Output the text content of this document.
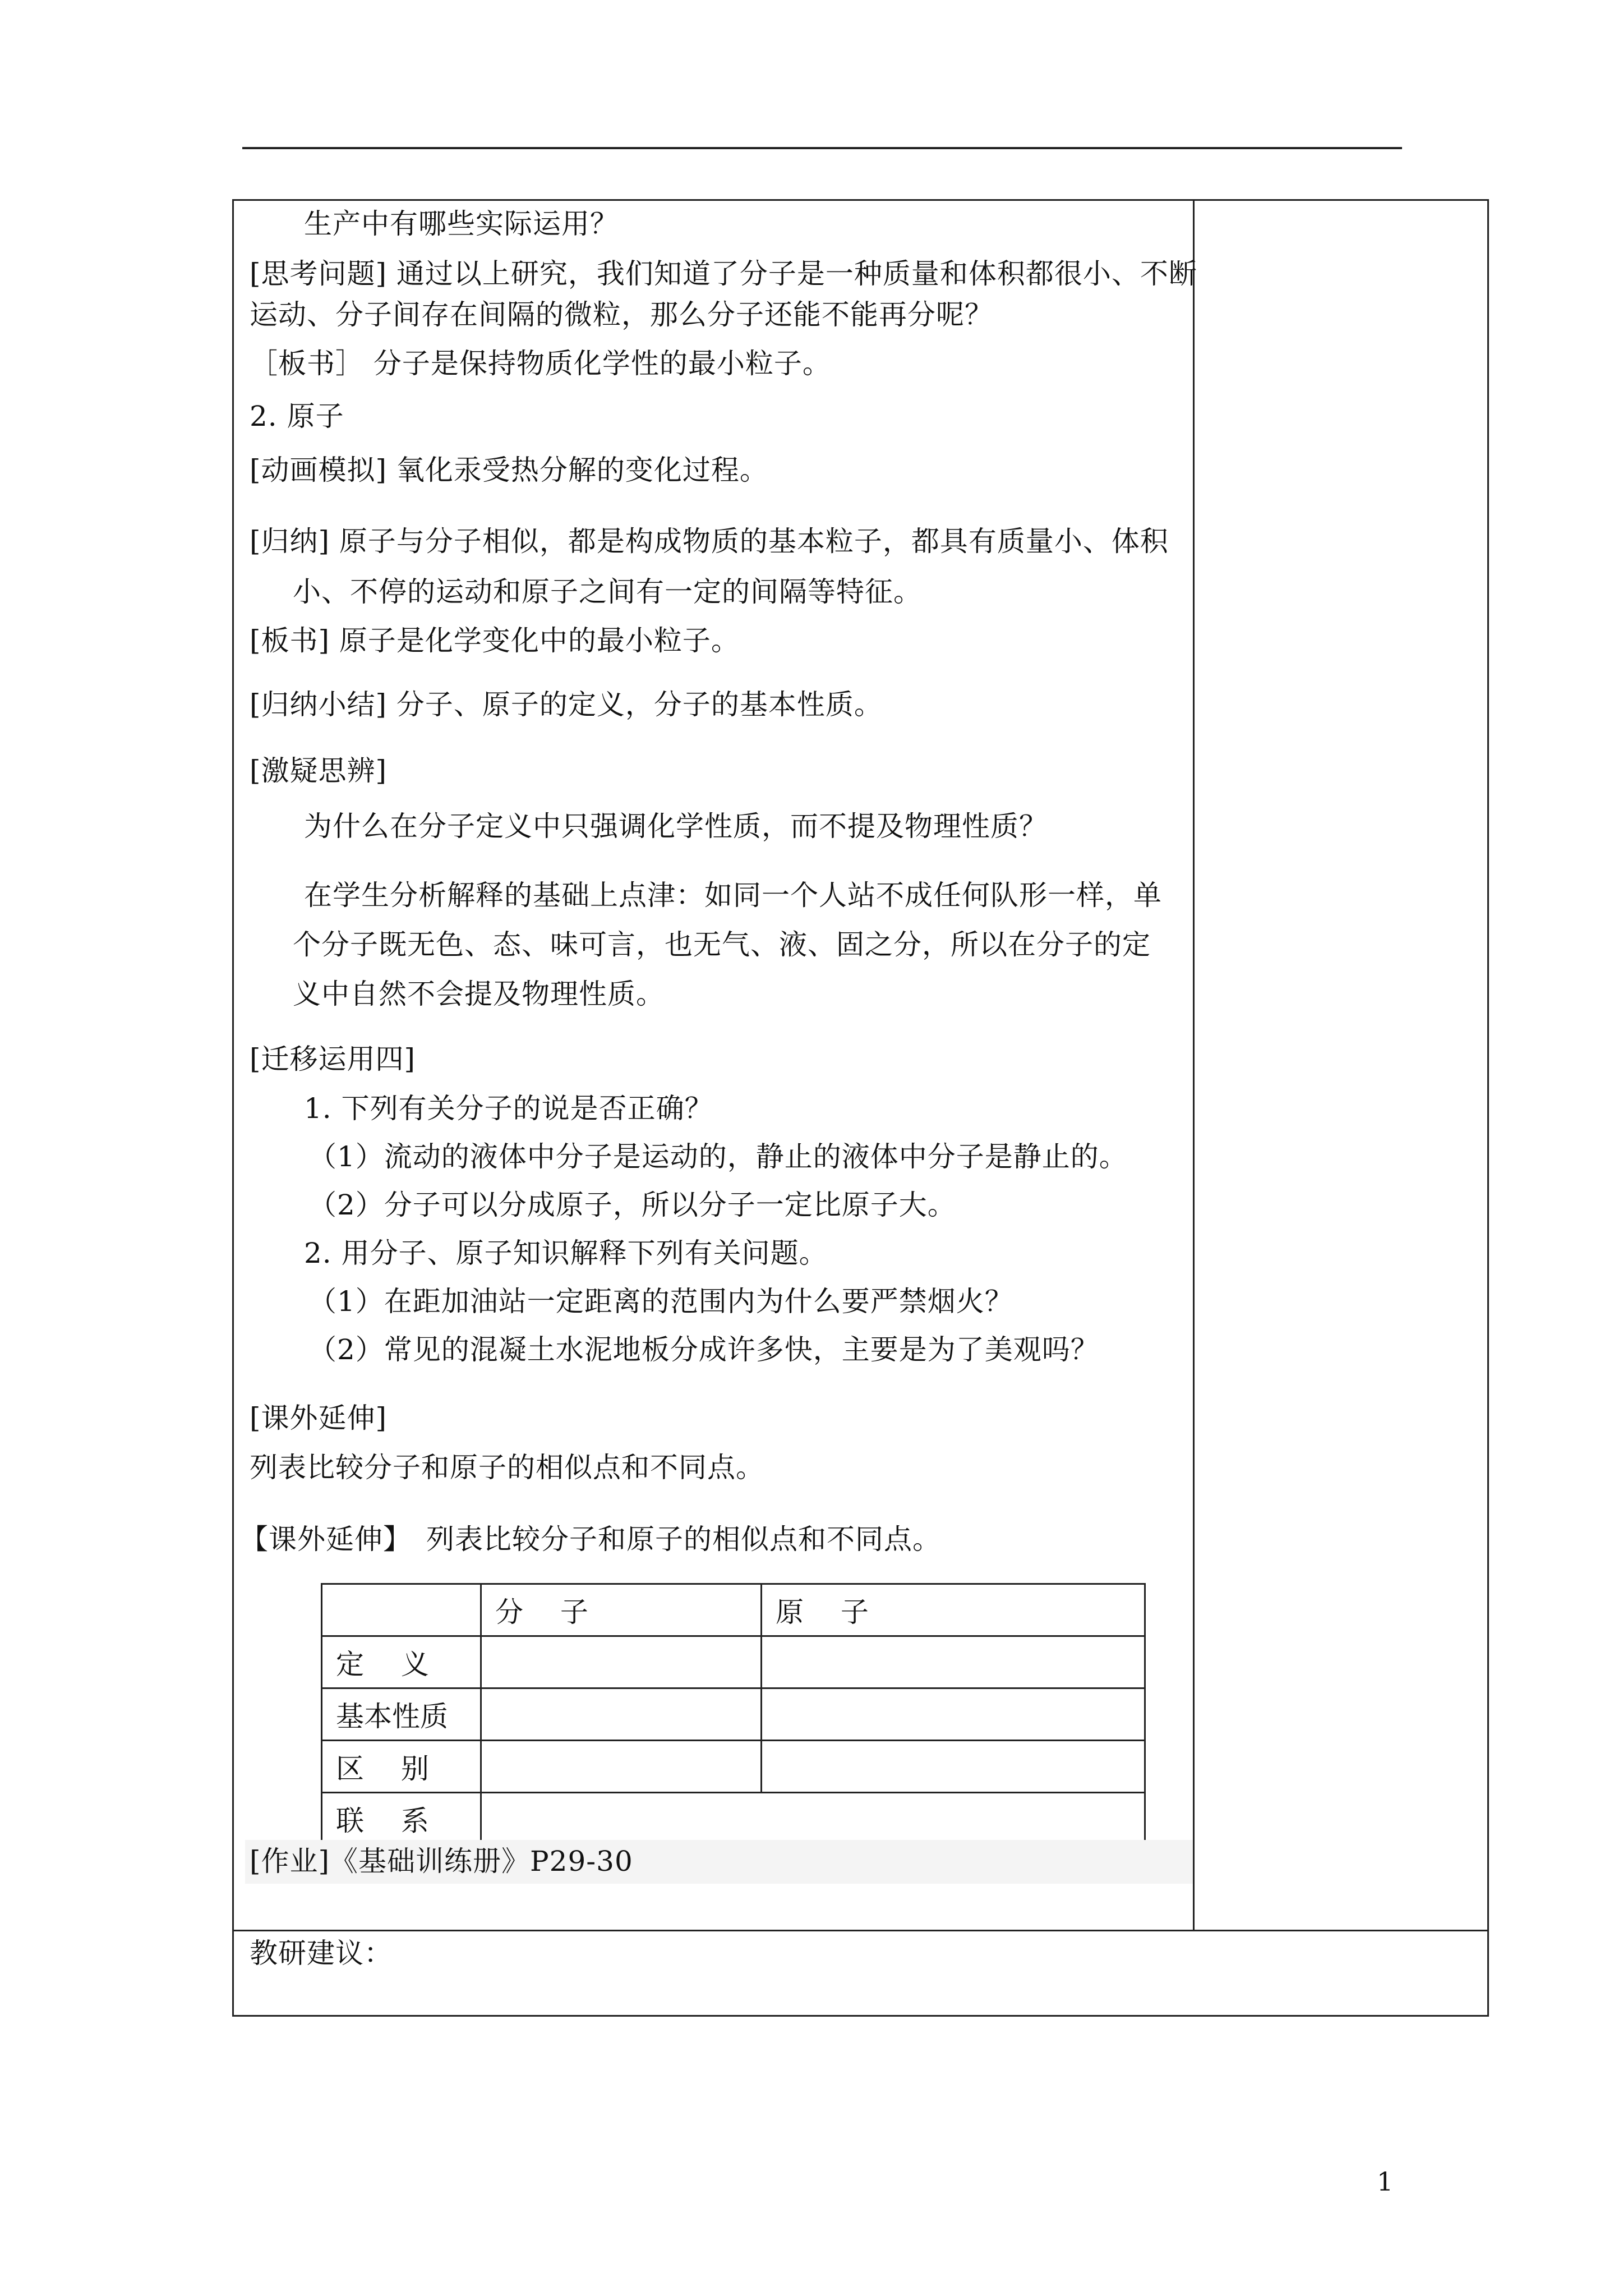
生产中有哪些实际运用？
[思考问题] 通过以上研究，我们知道了分子是一种质量和体积都很小、不断
运动、分子间存在间隔的微粒，那么分子还能不能再分呢？
［板书］ 分子是保持物质化学性的最小粒子。
2. 原子
[动画模拟] 氧化汞受热分解的变化过程。
[归纳] 原子与分子相似，都是构成物质的基本粒子，都具有质量小、体积
小、不停的运动和原子之间有一定的间隔等特征。
[板书] 原子是化学变化中的最小粒子。
[归纳小结] 分子、原子的定义，分子的基本性质。
[激疑思辨]
为什么在分子定义中只强调化学性质，而不提及物理性质？
在学生分析解释的基础上点津：如同一个人站不成任何队形一样，单
个分子既无色、态、味可言，也无气、液、固之分，所以在分子的定
义中自然不会提及物理性质。
[迁移运用四]
1. 下列有关分子的说是否正确？
（1）流动的液体中分子是运动的，静止的液体中分子是静止的。
（2）分子可以分成原子，所以分子一定比原子大。
2. 用分子、原子知识解释下列有关问题。
（1）在距加油站一定距离的范围内为什么要严禁烟火？
（2）常见的混凝土水泥地板分成许多快，主要是为了美观吗？
[课外延伸]
列表比较分子和原子的相似点和不同点。
【课外延伸】　列表比较分子和原子的相似点和不同点。
	分　 子	原　 子
定　 义		
基本性质		
区　 别		
联　 系		
[作业]《基础训练册》P29-30
教研建议：
1
